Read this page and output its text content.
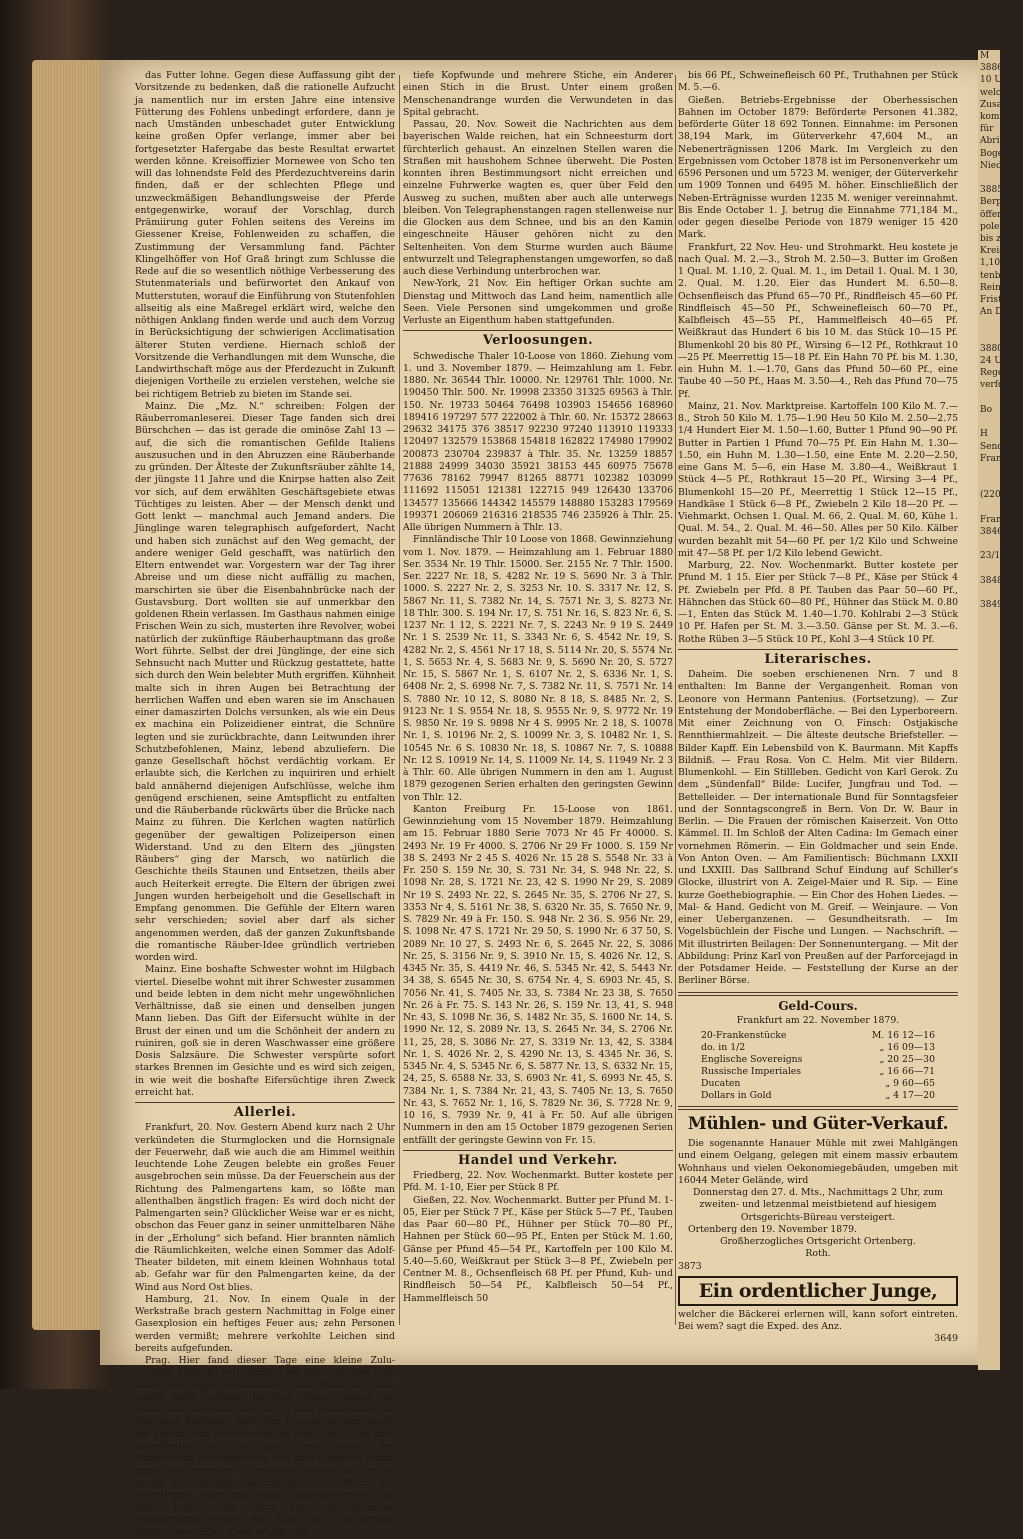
M
3886 N
10 Uhr
welche
Zusam
kommen
für
Abrie
Bogenb
Nied

3885 A
Berpflic
öffentlich
polenauf
bis zum
Kreisver
1,107,4
tenbung
Reinerw
Frist
An Dur

3880
24 Uhr
Regenbe
verfolg

Bo

H
Sendun
Fran

(220/1

Frankfu
3846

23/1

3848

3849

das Futter lohne. Gegen diese Auffassung gibt der Vorsitzende zu bedenken, daß die rationelle Aufzucht ja namentlich nur im ersten Jahre eine intensive Fütterung des Fohlens unbedingt erfordere, dann je nach Umständen unbeschadet guter Entwicklung keine großen Opfer verlange, immer aber bei fortgesetzter Hafergabe das beste Resultat erwartet werden könne. Kreisoffizier Mornewee von Scho ten will das lohnendste Feld des Pferdezuchtvereins darin finden, daß er der schlechten Pflege und unzweckmäßigen Behandlungsweise der Pferde entgegenwirke, worauf der Vorschlag, durch Prämiirung guter Fohlen seitens des Vereins im Giessener Kreise, Fohlenweiden zu schaffen, die Zustimmung der Versammlung fand. Pächter Klingelhöffer von Hof Graß bringt zum Schlusse die Rede auf die so wesentlich nöthige Verbesserung des Stutenmaterials und befürwortet den Ankauf von Mutterstuten, worauf die Einführung von Stutenfohlen allseitig als eine Maßregel erklärt wird, welche den nöthigen Anklang finden werde und auch dem Vorzug in Berücksichtigung der schwierigen Acclimatisation älterer Stuten verdiene. Hiernach schloß der Vorsitzende die Verhandlungen mit dem Wunsche, die Landwirthschaft möge aus der Pferdezucht in Zukunft diejenigen Vortheile zu erzielen verstehen, welche sie bei richtigem Betrieb zu bieten im Stande sei.

Mainz. Die „Mz. N.“ schreiben: Folgen der Räuberromanleserei. Dieser Tage fanden sich drei Bürschchen — das ist gerade die ominöse Zahl 13 — auf, die sich die romantischen Gefilde Italiens auszusuchen und in den Abruzzen eine Räuberbande zu gründen. Der Älteste der Zukunftsräuber zählte 14, der jüngste 11 Jahre und die Knirpse hatten also Zeit vor sich, auf dem erwählten Geschäftsgebiete etwas Tüchtiges zu leisten. Aber — der Mensch denkt und Gott lenkt — manchmal auch Jemand anders. Die Jünglinge waren telegraphisch aufgefordert, Nacht und haben sich zunächst auf den Weg gemacht, der andere weniger Geld geschafft, was natürlich den Eltern entwendet war. Vorgestern war der Tag ihrer Abreise und um diese nicht auffällig zu machen, marschirten sie über die Eisenbahnbrücke nach der Gustavsburg. Dort wollten sie auf unmerkbar den goldenen Rhein verlassen. Im Gasthaus nahmen einige Frischen Wein zu sich, musterten ihre Revolver, wobei natürlich der zukünftige Räuberhauptmann das große Wort führte. Selbst der drei Jünglinge, der eine sich Sehnsucht nach Mutter und Rückzug gestattete, hatte sich durch den Wein belebter Muth ergriffen. Kühnheit malte sich in ihren Augen bei Betrachtung der herrlichen Waffen und eben waren sie im Anschauen einer damaszirten Dolchs versunken, als wie ein Deus ex machina ein Polizeidiener eintrat, die Schnüre legten und sie zurückbrachte, dann Leitwunden ihrer Schutzbefohlenen, Mainz, lebend abzuliefern. Die ganze Gesellschaft höchst verdächtig vorkam. Er erlaubte sich, die Kerlchen zu inquiriren und erhielt bald annähernd diejenigen Aufschlüsse, welche ihm genügend erschienen, seine Amtspflicht zu entfalten und die Räuberbande rückwärts über die Brücke nach Mainz zu führen. Die Kerlchen wagten natürlich gegenüber der gewaltigen Polizeiperson einen Widerstand. Und zu den Eltern des „jüngsten Räubers“ ging der Marsch, wo natürlich die Geschichte theils Staunen und Entsetzen, theils aber auch Heiterkeit erregte. Die Eltern der übrigen zwei Jungen wurden herbeigeholt und die Gesellschaft in Empfang genommen. Die Gefühle der Eltern waren sehr verschieden; soviel aber darf als sicher angenommen werden, daß der ganzen Zukunftsbande die romantische Räuber-Idee gründlich vertrieben worden wird.

Mainz. Eine boshafte Schwester wohnt im Hilgbach viertel. Dieselbe wohnt mit ihrer Schwester zusammen und beide lebten in dem nicht mehr ungewöhnlichen Verhältnisse, daß sie einen und denselben jungen Mann lieben. Das Gift der Eifersucht wühlte in der Brust der einen und um die Schönheit der andern zu ruiniren, goß sie in deren Waschwasser eine größere Dosis Salzsäure. Die Schwester verspürte sofort starkes Brennen im Gesichte und es wird sich zeigen, in wie weit die boshafte Eifersüchtige ihren Zweck erreicht hat.

Allerlei.

Frankfurt, 20. Nov. Gestern Abend kurz nach 2 Uhr verkündeten die Sturmglocken und die Hornsignale der Feuerwehr, daß wie auch die am Himmel weithin leuchtende Lohe Zeugen belebte ein großes Feuer ausgebrochen sein müsse. Da der Feuerschein aus der Richtung des Palmengartens kam, so lößte man allenthalben ängstlich fragen: Es wird doch nicht der Palmengarten sein? Glücklicher Weise war er es nicht, obschon das Feuer ganz in seiner unmittelbaren Nähe in der „Erholung“ sich befand. Hier brannten nämlich die Räumlichkeiten, welche einen Sommer das Adolf-Theater bildeten, mit einem kleinen Wohnhaus total ab. Gefahr war für den Palmengarten keine, da der Wind aus Nord Ost blies.

Hamburg, 21. Nov. In einem Quale in der Werkstraße brach gestern Nachmittag in Folge einer Gasexplosion ein heftiges Feuer aus; zehn Personen werden vermißt; mehrere verkohlte Leichen sind bereits aufgefunden.

Prag. Hier fand dieser Tage eine kleine Zulu-schlacht statt. Es war nämlich ein übermüthiger Zulu einer Zuluтruppe Schneeballen nach. Einer der Zulus wurde leicht verletzt. Darüber erbost, setzten die Zulus dem Burschen, der sich in eine Kasernstube am Petriplatz flüchtete, nach. Der Bursche entkam durch die Fenster der Kasernstube ins Freie, die Zulus aber bewaffneten sich mit Spieß und Fenster der Kasernstube zertrümmerten und dem Jungen in einem gegenüberliegenden Schankladen nachjagten, wo sie große Verwüstungen anrichteten. Vier Mann der Jägertruppe eilten mit einem Polizeiwachmann zur Hilfe herbei, die dem nun entschlossenen Handgemenge wurden zwei Zulus durch die blanken Waffen verwundet. Einer erhielt eine

tiefe Kopfwunde und mehrere Stiche, ein Anderer einen Stich in die Brust. Unter einem großen Menschenandrange wurden die Verwundeten in das Spital gebracht.

Passau, 20. Nov. Soweit die Nachrichten aus dem bayerischen Walde reichen, hat ein Schneesturm dort fürchterlich gehaust. An einzelnen Stellen waren die Straßen mit haushohem Schnee überweht. Die Posten konnten ihren Bestimmungsort nicht erreichen und einzelne Fuhrwerke wagten es, quer über Feld den Ausweg zu suchen, mußten aber auch alle unterwegs bleiben. Von Telegraphenstangen ragen stellenweise nur die Glocken aus dem Schnee, und bis an den Kamin eingeschneite Häuser gehören nicht zu den Seltenheiten. Von dem Sturme wurden auch Bäume entwurzelt und Telegraphenstangen umgeworfen, so daß auch diese Verbindung unterbrochen war.

New-York, 21 Nov. Ein heftiger Orkan suchte am Dienstag und Mittwoch das Land heim, namentlich alle Seen. Viele Personen sind umgekommen und große Verluste an Eigenthum haben stattgefunden.

Verloosungen.

Schwedische Thaler 10-Loose von 1860. Ziehung vom 1. und 3. November 1879. — Heimzahlung am 1. Febr. 1880. Nr. 36544 Thlr. 10000. Nr. 129761 Thlr. 1000. Nr. 190450 Thlr. 500. Nr. 19998 23350 31325 69563 à Thlr. 150. Nr. 19733 50464 76498 103903 154656 168960 189416 197297 577 222002 à Thlr. 60. Nr. 15372 28663 29632 34175 376 38517 92230 97240 113910 119333 120497 132579 153868 154818 162822 174980 179902 200873 230704 239837 à Thlr. 35. Nr. 13259 18857 21888 24999 34030 35921 38153 445 60975 75678 77636 78162 79947 81265 88771 102382 103099 111692 115051 121381 122715 949 126430 133706 134577 135666 144342 145579 148880 153283 179569 199371 206069 216316 218535 746 235926 à Thlr. 25. Alle übrigen Nummern à Thlr. 13.

Finnländische Thlr 10 Loose von 1868. Gewinnziehung vom 1. Nov. 1879. — Heimzahlung am 1. Februar 1880 Ser. 3534 Nr. 19 Thlr. 15000. Ser. 2155 Nr. 7 Thlr. 1500. Ser. 2227 Nr. 18, S. 4282 Nr. 19 S. 5690 Nr. 3 à Thlr. 1000. S. 2227 Nr. 2, S. 3253 Nr. 10. S. 3317 Nr. 12, S. 5867 Nr. 11, S. 7382 Nr. 14, S. 7571 Nr. 3, S. 8273 Nr. 18 Thlr. 300. S. 194 Nr. 17, S. 751 Nr. 16, S. 823 Nr. 6, S. 1237 Nr. 1 12, S. 2221 Nr. 7, S. 2243 Nr. 9 19 S. 2449 Nr. 1 S. 2539 Nr. 11, S. 3343 Nr. 6, S. 4542 Nr. 19, S. 4282 Nr. 2, S. 4561 Nr 17 18, S. 5114 Nr. 20, S. 5574 Nr. 1, S. 5653 Nr. 4, S. 5683 Nr. 9, S. 5690 Nr. 20, S. 5727 Nr. 15, S. 5867 Nr. 1, S. 6107 Nr. 2, S. 6336 Nr. 1, S. 6408 Nr. 2, S. 6998 Nr. 7, S. 7382 Nr. 11, S. 7571 Nr. 14 S. 7880 Nr. 10 12, S. 8080 Nr. 8 18, S. 8485 Nr. 2, S. 9123 Nr. 1 S. 9554 Nr. 18, S. 9555 Nr. 9, S. 9772 Nr. 19 S. 9850 Nr. 19 S. 9898 Nr 4 S. 9995 Nr. 2 18, S. 10078 Nr. 1, S. 10196 Nr. 2, S. 10099 Nr. 3, S. 10482 Nr. 1, S. 10545 Nr. 6 S. 10830 Nr. 18, S. 10867 Nr. 7, S. 10888 Nr. 12 S. 10919 Nr. 14, S. 11009 Nr. 14, S. 11949 Nr. 2 3 à Thlr. 60. Alle übrigen Nummern in den am 1. August 1879 gezogenen Serien erhalten den geringsten Gewinn von Thlr. 12.

Kanton Freiburg Fr. 15-Loose von 1861. Gewinnziehung vom 15 November 1879. Heimzahlung am 15. Februar 1880 Serie 7073 Nr 45 Fr 40000. S. 2493 Nr. 19 Fr 4000. S. 2706 Nr 29 Fr 1000. S. 159 Nr 38 S. 2493 Nr 2 45 S. 4026 Nr. 15 28 S. 5548 Nr. 33 à Fr. 250 S. 159 Nr. 30, S. 731 Nr. 34, S. 948 Nr. 22, S. 1098 Nr. 28, S. 1721 Nr. 23, 42 S. 1990 Nr 29, S. 2089 Nr 19 S. 2493 Nr. 22, S. 2645 Nr. 35, S. 2706 Nr 27, S. 3353 Nr 4, S. 5161 Nr. 38, S. 6320 Nr. 35, S. 7650 Nr. 9, S. 7829 Nr. 49 à Fr. 150. S. 948 Nr. 2 36. S. 956 Nr. 29, S. 1098 Nr. 47 S. 1721 Nr. 29 50, S. 1990 Nr. 6 37 50, S. 2089 Nr. 10 27, S. 2493 Nr. 6, S. 2645 Nr. 22, S. 3086 Nr. 25, S. 3156 Nr. 9, S. 3910 Nr. 15, S. 4026 Nr. 12, S. 4345 Nr. 35, S. 4419 Nr. 46, S. 5345 Nr. 42, S. 5443 Nr. 34 38, S. 6545 Nr. 30, S. 6754 Nr. 4, S. 6903 Nr. 45, S. 7056 Nr. 41, S. 7405 Nr. 33, S. 7384 Nr. 23 38, S. 7650 Nr. 26 à Fr. 75. S. 143 Nr. 26, S. 159 Nr. 13, 41, S. 948 Nr. 43, S. 1098 Nr. 36, S. 1482 Nr. 35, S. 1600 Nr. 14, S. 1990 Nr. 12, S. 2089 Nr. 13, S. 2645 Nr. 34, S. 2706 Nr. 11, 25, 28, S. 3086 Nr. 27, S. 3319 Nr. 13, 42, S. 3384 Nr. 1, S. 4026 Nr. 2, S. 4290 Nr. 13, S. 4345 Nr. 36, S. 5345 Nr. 4, S. 5345 Nr. 6, S. 5877 Nr. 13, S. 6332 Nr. 15, 24, 25, S. 6588 Nr. 33, S. 6903 Nr. 41, S. 6993 Nr. 45, S. 7384 Nr. 1, S. 7384 Nr. 21, 43, S. 7405 Nr. 13, S. 7650 Nr. 43, S. 7652 Nr. 1, 16, S. 7829 Nr. 36, S. 7728 Nr. 9, 10 16, S. 7939 Nr. 9, 41 à Fr. 50. Auf alle übrigen Nummern in den am 15 October 1879 gezogenen Serien entfällt der geringste Gewinn von Fr. 15.

Handel und Verkehr.

Friedberg, 22. Nov. Wochenmarkt. Butter kostete per Pfd. M. 1-10, Eier per Stück 8 Pf.

Gießen, 22. Nov. Wochenmarkt. Butter per Pfund M. 1-05, Eier per Stück 7 Pf., Käse per Stück 5—7 Pf., Tauben das Paar 60—80 Pf., Hühner per Stück 70—80 Pf., Hahnen per Stück 60—95 Pf., Enten per Stück M. 1.60, Gänse per Pfund 45—54 Pf., Kartoffeln per 100 Kilo M. 5.40—5.60, Weißkraut per Stück 3—8 Pf., Zwiebeln per Centner M. 8., Ochsenfleisch 68 Pf. per Pfund, Kuh- und Rindfleisch 50—54 Pf., Kalbfleisch 50—54 Pf., Hammelfleisch 50

bis 66 Pf., Schweinefleisch 60 Pf., Truthahnen per Stück M. 5.—6.

Gießen. Betriebs-Ergebnisse der Oberhessischen Bahnen im October 1879: Beförderte Personen 41.382, beförderte Güter 18 692 Tonnen. Einnahme: im Personen 38,194 Mark, im Güterverkehr 47,604 M., an Nebenerträgnissen 1206 Mark. Im Vergleich zu den Ergebnissen vom October 1878 ist im Personenverkehr um 6596 Personen und um 5723 M. weniger, der Güterverkehr um 1909 Tonnen und 6495 M. höher. Einschließlich der Neben-Erträgnisse wurden 1235 M. weniger vereinnahmt. Bis Ende October 1. J. betrug die Einnahme 771,184 M., oder gegen dieselbe Periode von 1879 weniger 15 420 Mark.

Frankfurt, 22 Nov. Heu- und Strohmarkt. Heu kostete je nach Qual. M. 2.—3., Stroh M. 2.50—3. Butter im Großen 1 Qual. M. 1.10, 2. Qual. M. 1., im Detail 1. Qual. M. 1 30, 2. Qual. M. 1.20. Eier das Hundert M. 6.50—8. Ochsenfleisch das Pfund 65—70 Pf., Rindfleisch 45—60 Pf. Rindfleisch 45—50 Pf., Schweinefleisch 60—70 Pf., Kalbfleisch 45—55 Pf., Hammelfleisch 40—65 Pf. Weißkraut das Hundert 6 bis 10 M. das Stück 10—15 Pf. Blumenkohl 20 bis 80 Pf., Wirsing 6—12 Pf., Rothkraut 10—25 Pf. Meerrettig 15—18 Pf. Ein Hahn 70 Pf. bis M. 1.30, ein Huhn M. 1.—1.70, Gans das Pfund 50—60 Pf., eine Taube 40 —50 Pf., Haas M. 3.50—4., Reh das Pfund 70—75 Pf.

Mainz, 21. Nov. Marktpreise. Kartoffeln 100 Kilo M. 7.—8., Stroh 50 Kilo M. 1.75—1.90 Heu 50 Kilo M. 2.50—2.75 1/4 Hundert Eier M. 1.50—1.60, Butter 1 Pfund 90—90 Pf. Butter in Partien 1 Pfund 70—75 Pf. Ein Hahn M. 1.30—1.50, ein Huhn M. 1.30—1.50, eine Ente M. 2.20—2.50, eine Gans M. 5—6, ein Hase M. 3.80—4., Weißkraut 1 Stück 4—5 Pf., Rothkraut 15—20 Pf., Wirsing 3—4 Pf., Blumenkohl 15—20 Pf., Meerrettig 1 Stück 12—15 Pf., Handkäse 1 Stück 6—8 Pf., Zwiebeln 2 Kilo 18—20 Pf. — Viehmarkt. Ochsen 1. Qual. M. 66, 2. Qual. M. 60, Kühe 1. Qual. M. 54., 2. Qual. M. 46—50. Alles per 50 Kilo. Kälber wurden bezahlt mit 54—60 Pf. per 1/2 Kilo und Schweine mit 47—58 Pf. per 1/2 Kilo lebend Gewicht.

Marburg, 22. Nov. Wochenmarkt. Butter kostete per Pfund M. 1 15. Eier per Stück 7—8 Pf., Käse per Stück 4 Pf. Zwiebeln per Pfd. 8 Pf. Tauben das Paar 50—60 Pf., Hähnchen das Stück 60—80 Pf., Hühner das Stück M. 0.80—1, Enten das Stück M. 1.40—1.70. Kohlrabi 2—3 Stück 10 Pf. Hafen per St. M. 3.—3.50. Gänse per St. M. 3.—6. Rothe Rüben 3—5 Stück 10 Pf., Kohl 3—4 Stück 10 Pf.

Literarisches.

Daheim. Die soeben erschienenen Nrn. 7 und 8 enthalten: Im Banne der Vergangenheit. Roman von Leonore von Hermann Pantenius. (Fortsetzung). — Zur Entstehung der Mondoberfläche. — Bei den Lyperboreern. Mit einer Zeichnung von O. Finsch: Ostjakische Rennthiermahlzeit. — Die älteste deutsche Briefsteller. — Bilder Kapff. Ein Lebensbild von K. Baurmann. Mit Kapffs Bildniß. — Frau Rosa. Von C. Helm. Mit vier Bildern. Blumenkohl. — Ein Stillleben. Gedicht von Karl Gerok. Zu dem „Sündenfall“ Bilde: Lucifer, Jungfrau und Tod. — Bettelleider. — Der internationale Bund für Sonntagsfeier und der Sonntagscongreß in Bern. Von Dr. W. Baur in Berlin. — Die Frauen der römischen Kaiserzeit. Von Otto Kämmel. II. Im Schloß der Alten Cadina: Im Gemach einer vornehmen Römerin. — Ein Goldmacher und sein Ende. Von Anton Oven. — Am Familientisch: Büchmann LXXII und LXXIII. Das Sallbrand Schuf Eindung auf Schiller's Glocke, illustrirt von A. Zeigel-Maier und R. Sip. — Eine kurze Goethebiographie. — Ein Chor des Hohen Liedes. — Mal- & Hand. Gedicht von M. Greif. — Weinjaure. — Von einer Ueberganzenen. — Gesundheitsrath. — Im Vogelsbüchlein der Fische und Lungen. — Nachschrift. — Mit illustrirten Beilagen: Der Sonnenuntergang. — Mit der Abbildung: Prinz Karl von Preußen auf der Parforcejagd in der Potsdamer Heide. — Feststellung der Kurse an der Berliner Börse.

Geld-Cours.
Frankfurt am 22. November 1879.
20-Frankenstücke	M. 16 12—16
do. in 1/2	„ 16 09—13
Englische Sovereigns	„ 20 25—30
Russische Imperiales	„ 16 66—71
Ducaten	„ 9 60—65
Dollars in Gold	„ 4 17—20
Mühlen- und Güter-Verkauf.

Die sogenannte Hanauer Mühle mit zwei Mahlgängen und einem Oelgang, gelegen mit einem massiv erbautem Wohnhaus und vielen Oekonomiegebäuden, umgeben mit 16044 Meter Gelände, wird

Donnerstag den 27. d. Mts., Nachmittags 2 Uhr, zum zweiten- und letzenmal meistbietend auf hiesigem Ortsgerichts-Büreau versteigert.

Ortenberg den 19. November 1879.

Großherzogliches Ortsgericht Ortenberg.

Roth.

3873
Ein ordentlicher Junge,

welcher die Bäckerei erlernen will, kann sofort eintreten. Bei wem? sagt die Exped. des Anz.

3649
